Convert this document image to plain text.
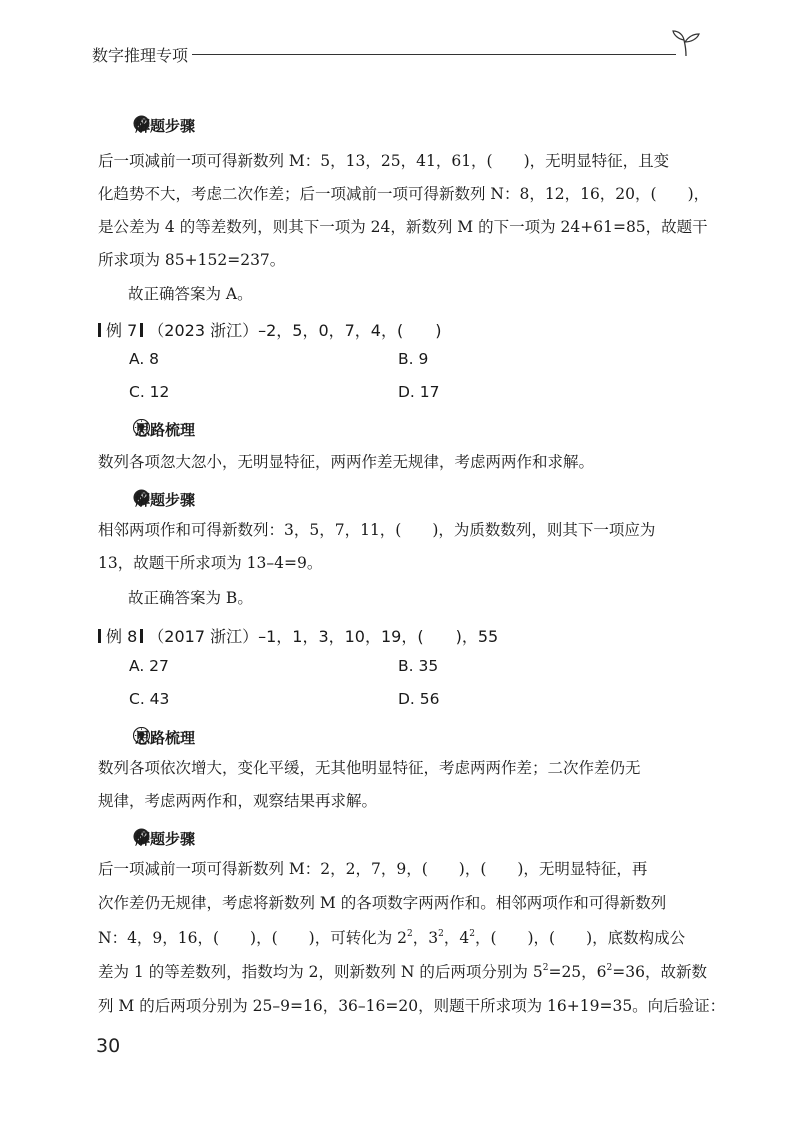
数字推理专项
解题步骤
后一项减前一项可得新数列 M：5，13，25，41，61，(　　)，无明显特征，且变
化趋势不大，考虑二次作差；后一项减前一项可得新数列 N：8，12，16，20，(　　)，
是公差为 4 的等差数列，则其下一项为 24，新数列 M 的下一项为 24+61=85，故题干
所求项为 85+152=237。
故正确答案为 A。
例 7 （2023 浙江）–2，5，0，7，4，(　　)
A. 8	B. 9
C. 12	D. 17
思路梳理
数列各项忽大忽小，无明显特征，两两作差无规律，考虑两两作和求解。
解题步骤
相邻两项作和可得新数列：3，5，7，11，(　　)，为质数数列，则其下一项应为
13，故题干所求项为 13–4=9。
故正确答案为 B。
例 8 （2017 浙江）–1，1，3，10，19，(　　)，55
A. 27	B. 35
C. 43	D. 56
思路梳理
数列各项依次增大，变化平缓，无其他明显特征，考虑两两作差；二次作差仍无
规律，考虑两两作和，观察结果再求解。
解题步骤
后一项减前一项可得新数列 M：2，2，7，9，(　　)，(　　)，无明显特征，再
次作差仍无规律，考虑将新数列 M 的各项数字两两作和。相邻两项作和可得新数列
N：4，9，16，(　　)，(　　)，可转化为 $2^2$，$3^2$，$4^2$，(　　)，(　　)，底数构成公
差为 1 的等差数列，指数均为 2，则新数列 N 的后两项分别为 $5^2=25$，$6^2=36$，故新数
列 M 的后两项分别为 25–9=16，36–16=20，则题干所求项为 16+19=35。向后验证：
30
